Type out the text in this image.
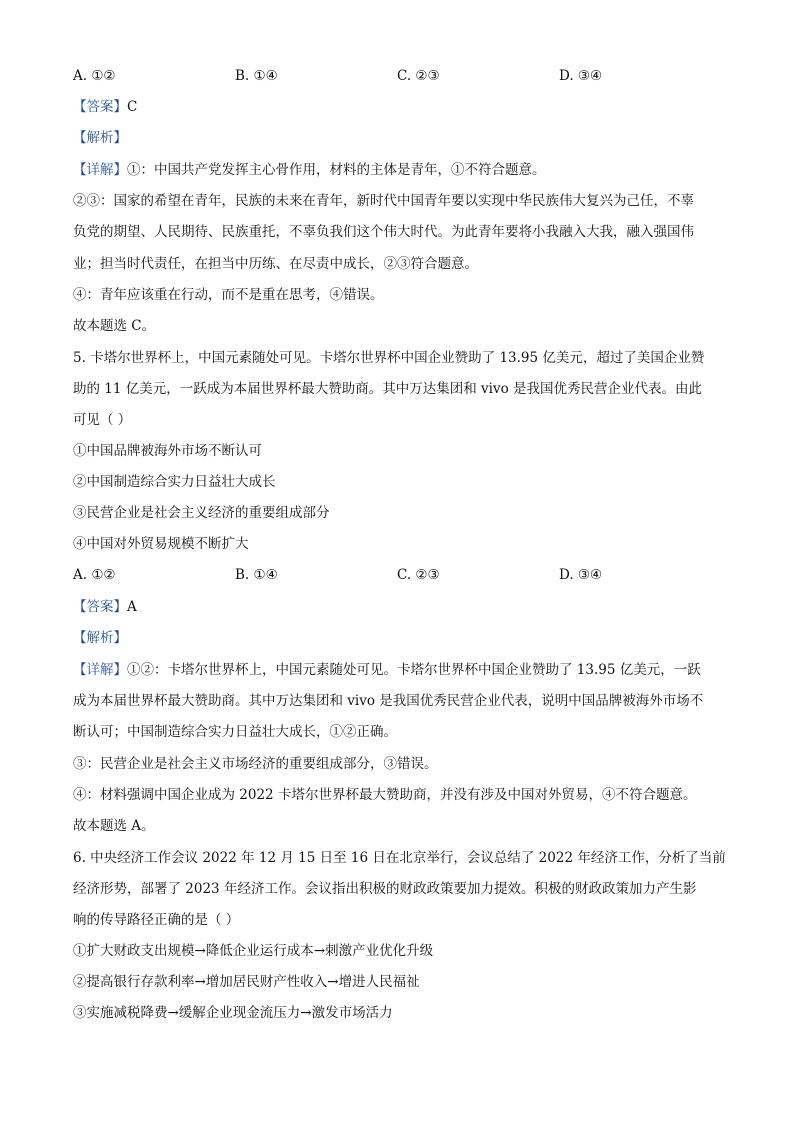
A. ①②	B. ①④	C. ②③	D. ③④
【答案】C
【解析】
【详解】①：中国共产党发挥主心骨作用，材料的主体是青年，①不符合题意。
②③：国家的希望在青年，民族的未来在青年，新时代中国青年要以实现中华民族伟大复兴为己任，不辜
负党的期望、人民期待、民族重托，不辜负我们这个伟大时代。为此青年要将小我融入大我，融入强国伟
业；担当时代责任，在担当中历练、在尽责中成长，②③符合题意。
④：青年应该重在行动，而不是重在思考，④错误。
故本题选 C。
5. 卡塔尔世界杯上，中国元素随处可见。卡塔尔世界杯中国企业赞助了 13.95 亿美元，超过了美国企业赞
助的 11 亿美元，一跃成为本届世界杯最大赞助商。其中万达集团和 vivo 是我国优秀民营企业代表。由此
可见（ ）
①中国品牌被海外市场不断认可
②中国制造综合实力日益壮大成长
③民营企业是社会主义经济的重要组成部分
④中国对外贸易规模不断扩大
A. ①②	B. ①④	C. ②③	D. ③④
【答案】A
【解析】
【详解】①②：卡塔尔世界杯上，中国元素随处可见。卡塔尔世界杯中国企业赞助了 13.95 亿美元，一跃
成为本届世界杯最大赞助商。其中万达集团和 vivo 是我国优秀民营企业代表，说明中国品牌被海外市场不
断认可；中国制造综合实力日益壮大成长，①②正确。
③：民营企业是社会主义市场经济的重要组成部分，③错误。
④：材料强调中国企业成为 2022 卡塔尔世界杯最大赞助商，并没有涉及中国对外贸易，④不符合题意。
故本题选 A。
6. 中央经济工作会议 2022 年 12 月 15 日至 16 日在北京举行，会议总结了 2022 年经济工作，分析了当前
经济形势，部署了 2023 年经济工作。会议指出积极的财政政策要加力提效。积极的财政政策加力产生影
响的传导路径正确的是（ ）
①扩大财政支出规模→降低企业运行成本→刺激产业优化升级
②提高银行存款利率→增加居民财产性收入→增进人民福祉
③实施减税降费→缓解企业现金流压力→激发市场活力
